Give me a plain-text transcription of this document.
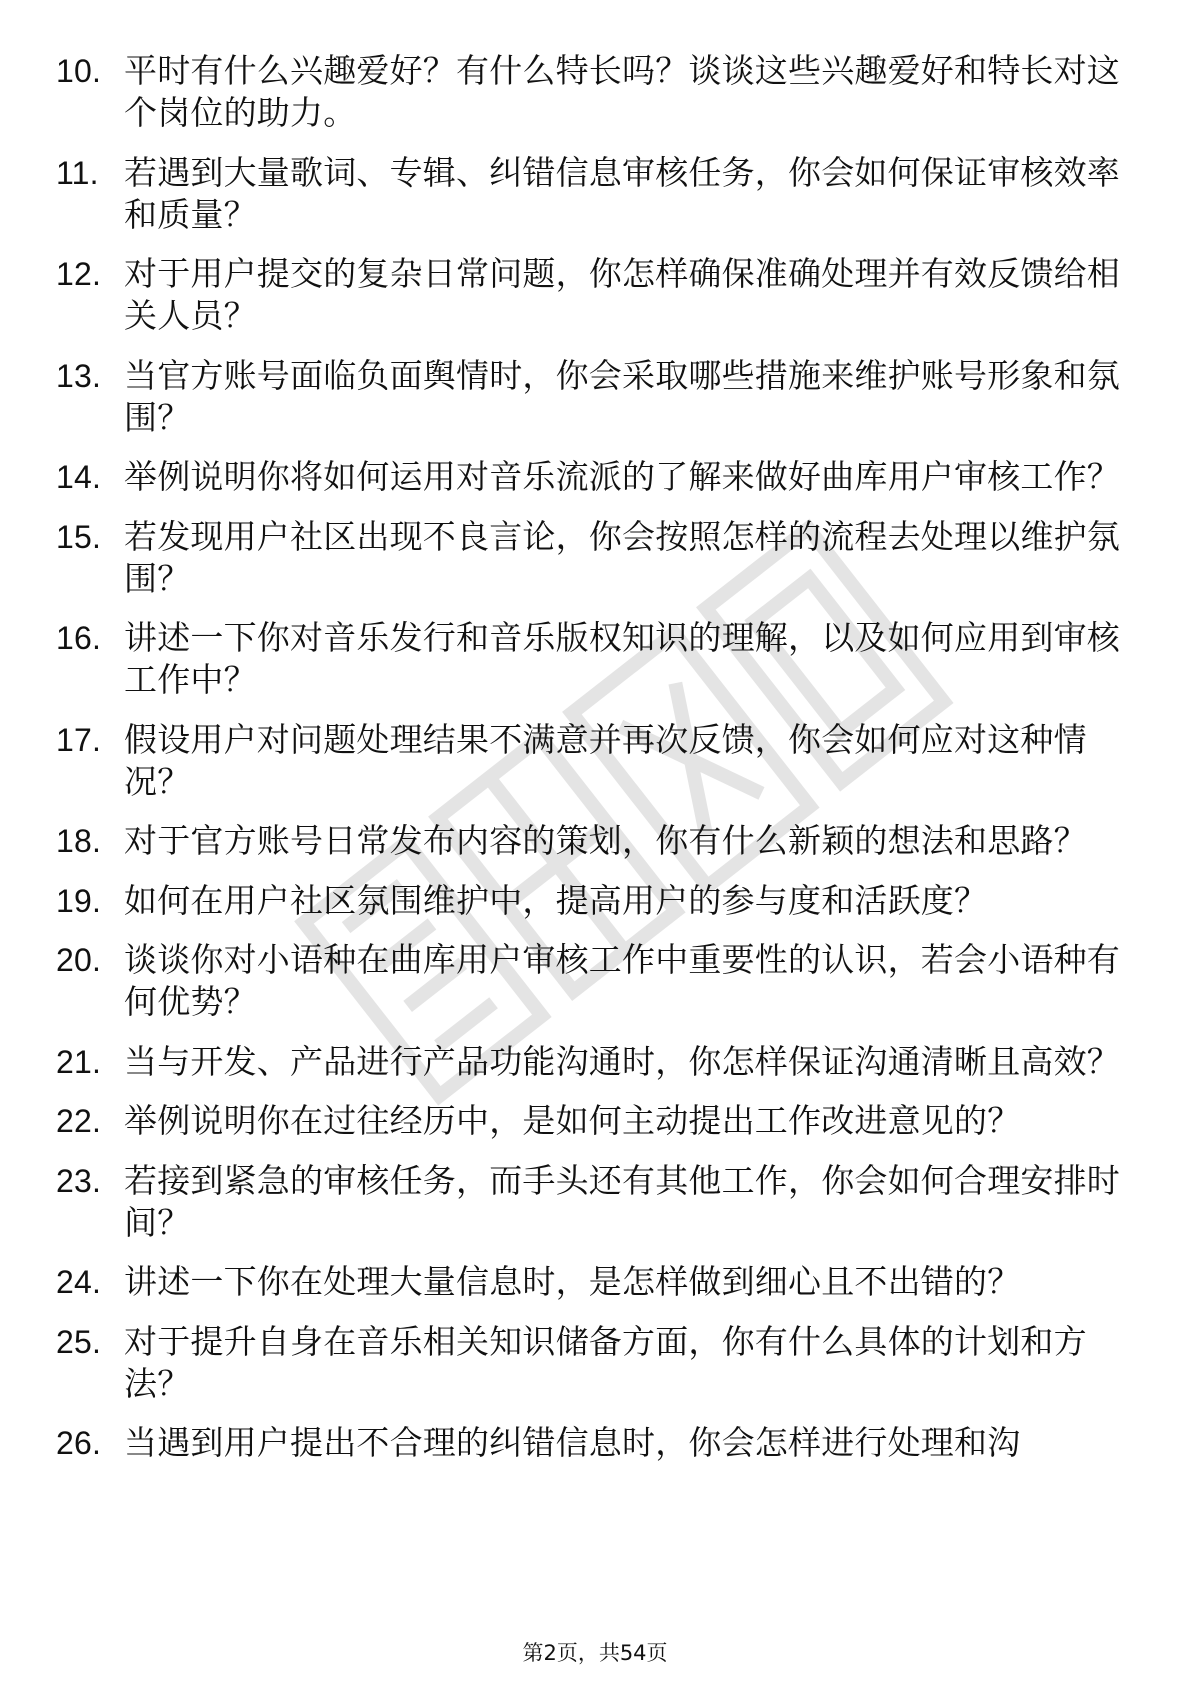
10. 平时有什么兴趣爱好？有什么特长吗？谈谈这些兴趣爱好和特长对这个岗位的助力。
11. 若遇到大量歌词、专辑、纠错信息审核任务，你会如何保证审核效率和质量？
12. 对于用户提交的复杂日常问题，你怎样确保准确处理并有效反馈给相关人员？
13. 当官方账号面临负面舆情时，你会采取哪些措施来维护账号形象和氛围？
14. 举例说明你将如何运用对音乐流派的了解来做好曲库用户审核工作？
15. 若发现用户社区出现不良言论，你会按照怎样的流程去处理以维护氛围？
16. 讲述一下你对音乐发行和音乐版权知识的理解，以及如何应用到审核工作中？
17. 假设用户对问题处理结果不满意并再次反馈，你会如何应对这种情况？
18. 对于官方账号日常发布内容的策划，你有什么新颖的想法和思路？
19. 如何在用户社区氛围维护中，提高用户的参与度和活跃度？
20. 谈谈你对小语种在曲库用户审核工作中重要性的认识，若会小语种有何优势？
21. 当与开发、产品进行产品功能沟通时，你怎样保证沟通清晰且高效？
22. 举例说明你在过往经历中，是如何主动提出工作改进意见的？
23. 若接到紧急的审核任务，而手头还有其他工作，你会如何合理安排时间？
24. 讲述一下你在处理大量信息时，是怎样做到细心且不出错的？
25. 对于提升自身在音乐相关知识储备方面，你有什么具体的计划和方法？
26. 当遇到用户提出不合理的纠错信息时，你会怎样进行处理和沟
第2页，共54页
